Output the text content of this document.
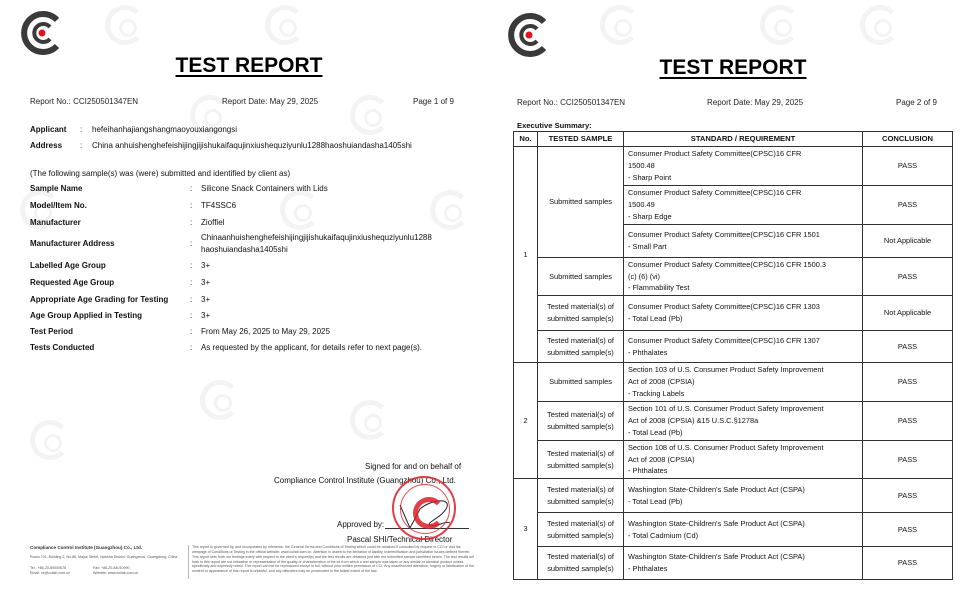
TEST REPORT
Report No.: CCI250501347EN	Report Date: May 29, 2025	Page 1 of 9
Applicant : hefeihanhajiangshangmaoyouxiangongsi
Address : China anhuishenghefeishijingjijishukaifaqujinxiushequziyunlu1288haoshuiandasha1405shi
(The following sample(s) was (were) submitted and identified by client as)
Sample Name	: Silicone Snack Containers with Lids
Model/Item No.	: TF4SSC6
Manufacturer	: Zioffiel
Manufacturer Address	:
Chinaanhuishenghefeishijingjijishukaifaqujinxiushequziyunlu1288
haoshuiandasha1405shi
Labelled Age Group	: 3+
Requested Age Group	: 3+
Appropriate Age Grading for Testing	: 3+
Age Group Applied in Testing	: 3+
Test Period	: From May 26, 2025 to May 29, 2025
Tests Conducted	: As requested by the applicant, for details refer to next page(s).
Signed for and on behalf of
Compliance Control Institute (Guangzhou) Co., Ltd.
Approved by:
Pascal SHI/Technical Director
Compliance Control Institute (Guangzhou) Co., Ltd.
Room 701, Building 2, No.88, Majue Street, Nansha District, Guangzhou, Guangdong, China
Tel.: +86-20-89000678	Fax: +86-20-84010990
Email: cs@ccilab.com.cn	Website: www.ccilab.com.cn
This report is governed by, and incorporates by reference, the General Terms and Conditions of Testing which could be obtained if consulted by request to CCI or visit the webpage of Conditions of Testing in the official website: www.ccilab.com.cn. Attention is drawn to the limitation of liability, indemnification and jurisdiction issues defined therein. This report sets forth our findings solely with respect to the client's request(s) and the test results are obtained just with the submitted sample identified herein. The test results set forth in this report are not indicative or representative of the quality or characteristics of the lot from which a test sample was taken or any similar or identical product unless specifically and expressly noted. This report can not be reproduced except in full, without prior written permission of CCI. Any unauthorized alteration, forgery or falsification of the content or appearance of this report is unlawful, and any offenders may be prosecuted to the fullest extent of the law.
TEST REPORT
Report No.: CCI250501347EN	Report Date: May 29, 2025	Page 2 of 9
Executive Summary:
No.	TESTED SAMPLE	STANDARD / REQUIREMENT	CONCLUSION
1	Submitted samples	Consumer Product Safety Committee(CPSC)16 CFR
1500.48
- Sharp Point	PASS

		Consumer Product Safety Committee(CPSC)16 CFR
1500.49
- Sharp Edge	PASS

		Consumer Product Safety Committee(CPSC)16 CFR 1501
- Small Part	Not Applicable
	Submitted samples	Consumer Product Safety Committee(CPSC)16 CFR 1500.3
(c) (6) (vi)
- Flammability Test	PASS
	Tested material(s) of submitted sample(s)	Consumer Product Safety Committee(CPSC)16 CFR 1303
- Total Lead (Pb)	Not Applicable
	Tested material(s) of submitted sample(s)	Consumer Product Safety Committee(CPSC)16 CFR 1307
- Phthalates	PASS
2	Submitted samples	Section 103 of U.S. Consumer Product Safety Improvement
Act of 2008 (CPSIA)
- Tracking Labels	PASS
	Tested material(s) of submitted sample(s)	Section 101 of U.S. Consumer Product Safety Improvement
Act of 2008 (CPSIA) &15 U.S.C.§1278a
- Total Lead (Pb)	PASS
	Tested material(s) of submitted sample(s)	Section 108 of U.S. Consumer Product Safety Improvement
Act of 2008 (CPSIA)
- Phthalates	PASS
3	Tested material(s) of submitted sample(s)	Washington State-Children's Safe Product Act (CSPA)
- Total Lead (Pb)	PASS
	Tested material(s) of submitted sample(s)	Washington State-Children's Safe Product Act (CSPA)
- Total Cadmium (Cd)	PASS
	Tested material(s) of submitted sample(s)	Washington State-Children's Safe Product Act (CSPA)
- Phthalates	PASS
